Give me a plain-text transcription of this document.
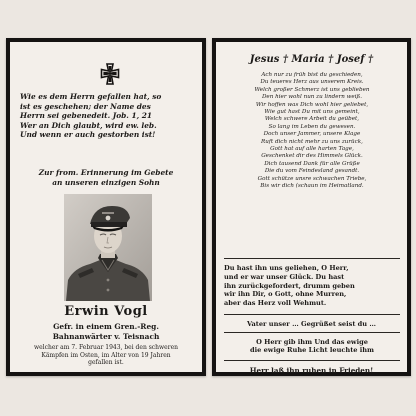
Wie es dem Herrn gefallen hat, so
ist es geschehen; der Name des
Herrn sei gebenedeit. Job. 1, 21
Wer an Dich glaubt, wird ew. leb.
Und wenn er auch gestorben ist!
Zur from. Erinnerung im Gebete
an unseren einzigen Sohn
Erwin Vogl
Gefr. in einem Gren.-Reg.
Bahnanwärter v. Teisnach
welcher am 7. Februar 1943, bei den schweren
Kämpfen im Osten, im Alter von 19 Jahren
gefallen ist.
Jesus † Maria † Josef †
Ach nur zu früh bist du geschieden,
Du teueres Herz aus unserem Kreis.
Welch großer Schmerz ist uns geblieben
Den hier wohl nun zu lindern weiß.
Wir hoffen was Dich wohl hier geliebet,
Wie gut hast Du mit uns gemeint,
Welch schwere Arbeit du geübet,
So lang im Leben du gewesen.
Doch unser Jammer, unsere Klage
Ruft dich nicht mehr zu uns zurück,
Gott hat auf alle harten Tage,
Geschenket dir des Himmels Glück.
Dich tausend Dank für alle Grüße
Die du vom Feindesland gesandt.
Gott schütze unsre schwachen Triebe,
Bis wir dich (schaun im Heimatland.
Du hast ihn uns geliehen, O Herr,
und er war unser Glück. Du hast
ihn zurückgefordert, drumm geben
wir ihn Dir, o Gott, ohne Murren,
aber das Herz voll Wehmut.
Vater unser … Gegrüßet seist du …
O Herr gib ihm Und das ewige
die ewige Ruhe Licht leuchte ihm
Herr laß ihn ruhen in Frieden!
